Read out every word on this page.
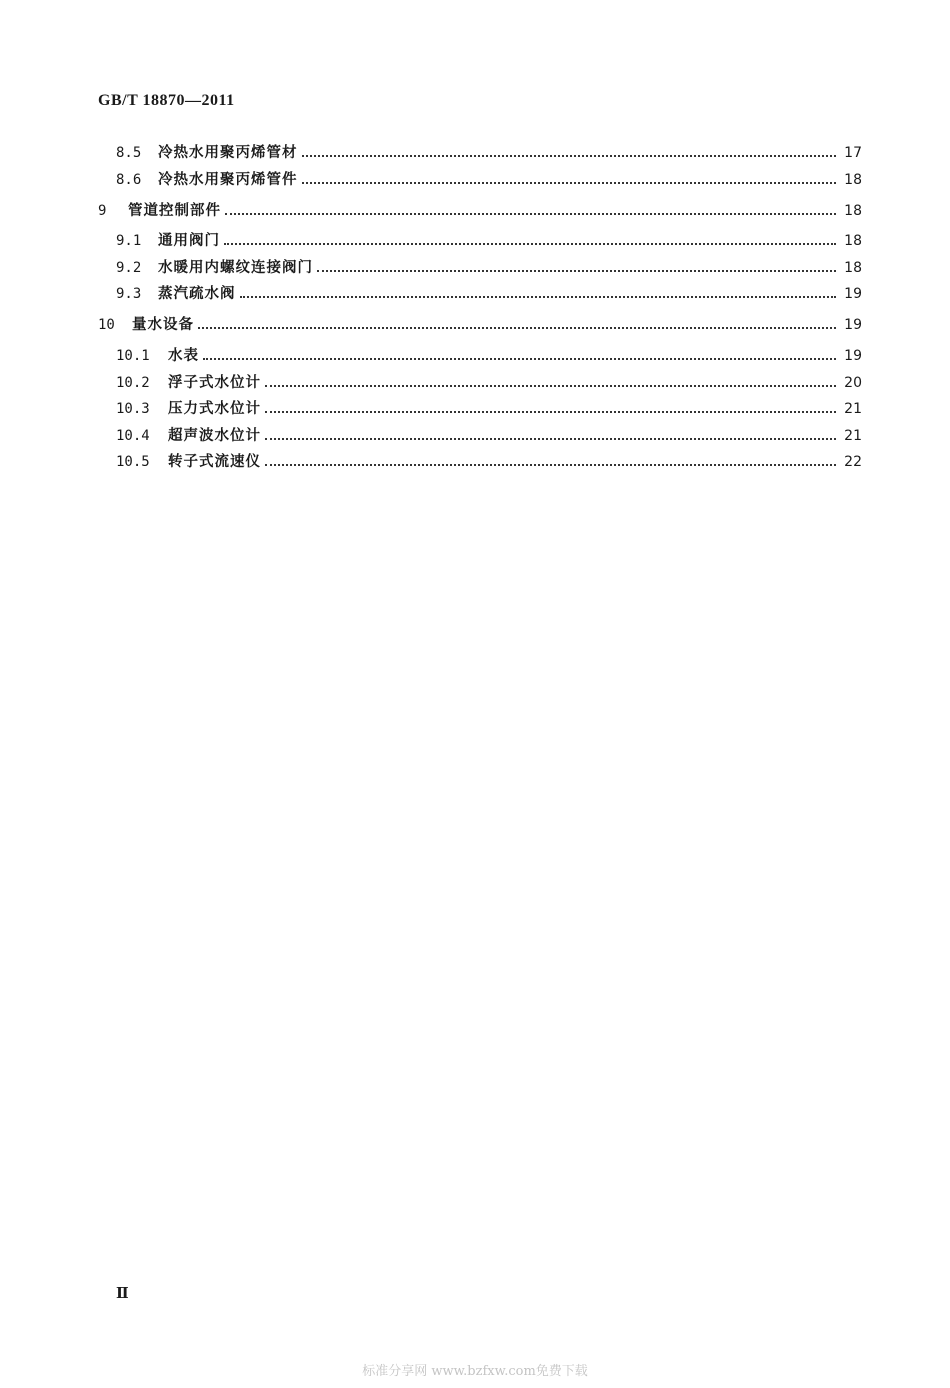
GB/T 18870—2011
8.5	冷热水用聚丙烯管材	17
8.6	冷热水用聚丙烯管件	18
9	管道控制部件	18
9.1	通用阀门	18
9.2	水暖用内螺纹连接阀门	18
9.3	蒸汽疏水阀	19
10	量水设备	19
10.1	水表	19
10.2	浮子式水位计	20
10.3	压力式水位计	21
10.4	超声波水位计	21
10.5	转子式流速仪	22
Ⅱ
标准分享网 www.bzfxw.com免费下载
